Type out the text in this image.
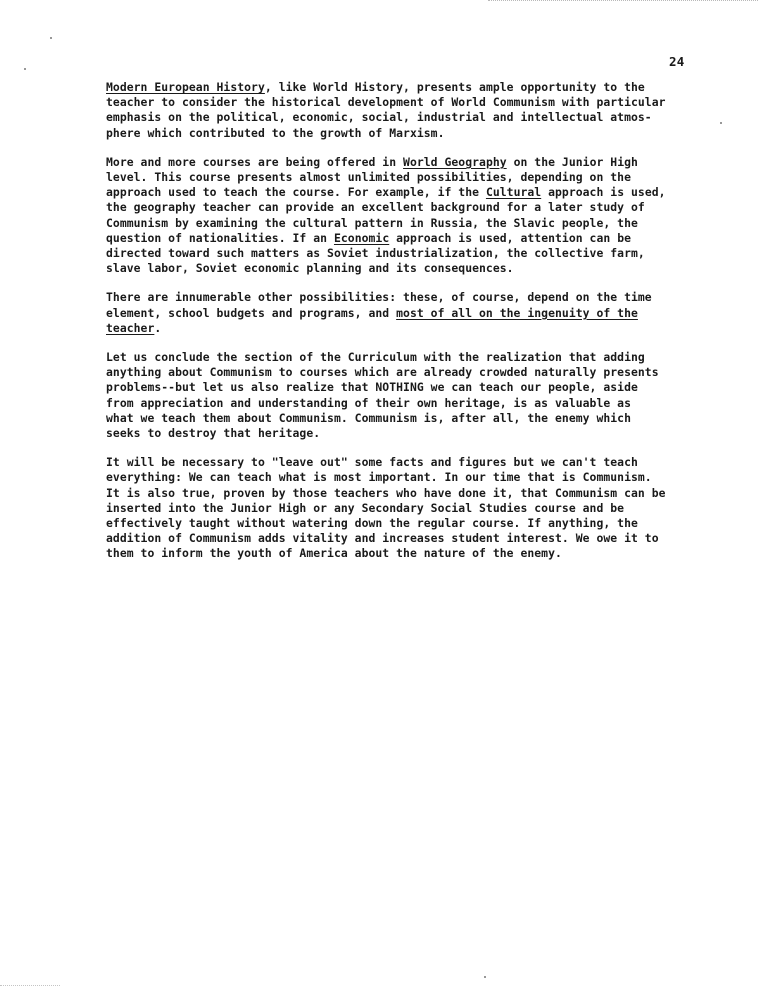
24

Modern European History, like World History, presents ample opportunity to the
teacher to consider the historical development of World Communism with particular
emphasis on the political, economic, social, industrial and intellectual atmos-
phere which contributed to the growth of Marxism.

More and more courses are being offered in World Geography on the Junior High
level. This course presents almost unlimited possibilities, depending on the
approach used to teach the course. For example, if the Cultural approach is used,
the geography teacher can provide an excellent background for a later study of
Communism by examining the cultural pattern in Russia, the Slavic people, the
question of nationalities. If an Economic approach is used, attention can be
directed toward such matters as Soviet industrialization, the collective farm,
slave labor, Soviet economic planning and its consequences.

There are innumerable other possibilities: these, of course, depend on the time
element, school budgets and programs, and most of all on the ingenuity of the
teacher.

Let us conclude the section of the Curriculum with the realization that adding
anything about Communism to courses which are already crowded naturally presents
problems--but let us also realize that NOTHING we can teach our people, aside
from appreciation and understanding of their own heritage, is as valuable as
what we teach them about Communism. Communism is, after all, the enemy which
seeks to destroy that heritage.

It will be necessary to "leave out" some facts and figures but we can't teach
everything: We can teach what is most important. In our time that is Communism.
It is also true, proven by those teachers who have done it, that Communism can be
inserted into the Junior High or any Secondary Social Studies course and be
effectively taught without watering down the regular course. If anything, the
addition of Communism adds vitality and increases student interest. We owe it to
them to inform the youth of America about the nature of the enemy.
